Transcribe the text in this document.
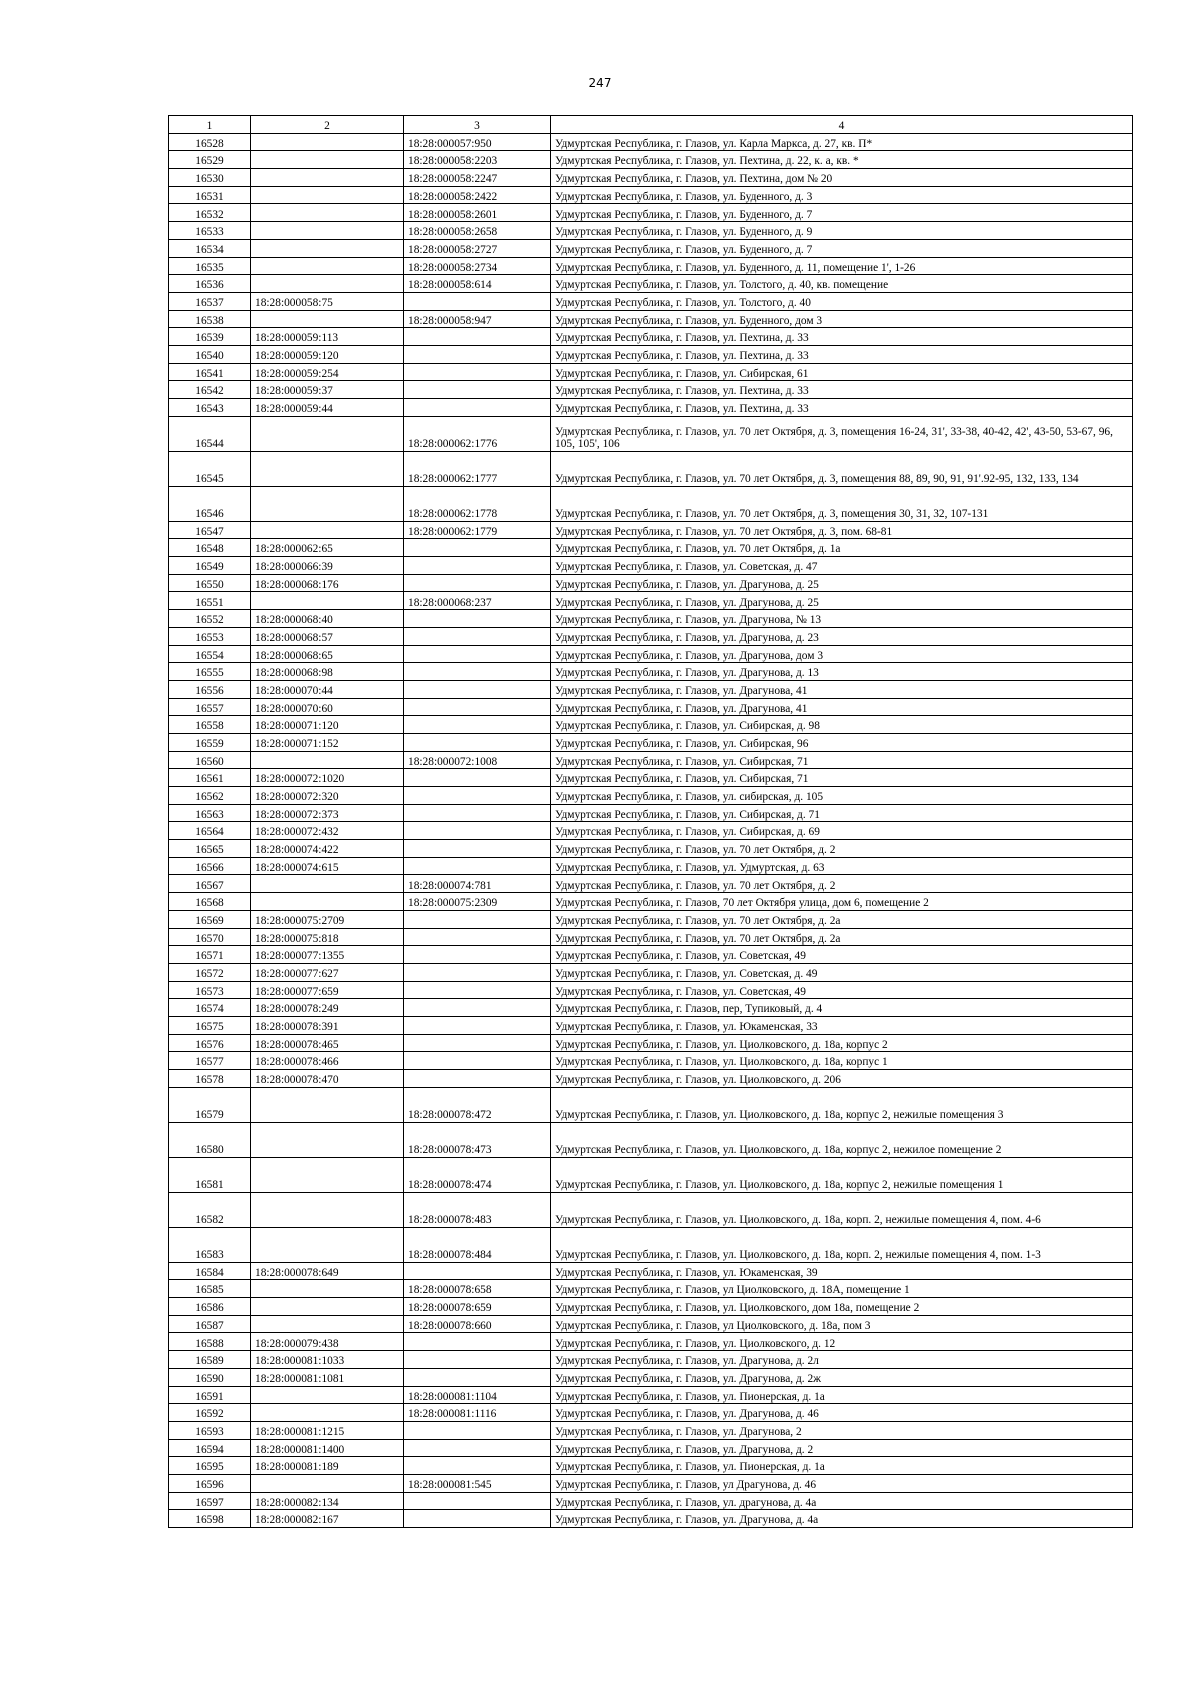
247
1	2	3	4
16528		18:28:000057:950	Удмуртская Республика, г. Глазов, ул. Карла Маркса, д. 27, кв. П*
16529		18:28:000058:2203	Удмуртская Республика, г. Глазов, ул. Пехтина, д. 22, к. а, кв. *
16530		18:28:000058:2247	Удмуртская Республика, г. Глазов, ул. Пехтина, дом № 20
16531		18:28:000058:2422	Удмуртская Республика, г. Глазов, ул. Буденного, д. 3
16532		18:28:000058:2601	Удмуртская Республика, г. Глазов, ул. Буденного, д. 7
16533		18:28:000058:2658	Удмуртская Республика, г. Глазов, ул. Буденного, д. 9
16534		18:28:000058:2727	Удмуртская Республика, г. Глазов, ул. Буденного, д. 7
16535		18:28:000058:2734	Удмуртская Республика, г. Глазов, ул. Буденного, д. 11, помещение 1', 1-26
16536		18:28:000058:614	Удмуртская Республика, г. Глазов, ул. Толстого, д. 40, кв. помещение
16537	18:28:000058:75		Удмуртская Республика, г. Глазов, ул. Толстого, д. 40
16538		18:28:000058:947	Удмуртская Республика, г. Глазов, ул. Буденного, дом 3
16539	18:28:000059:113		Удмуртская Республика, г. Глазов, ул. Пехтина, д. 33
16540	18:28:000059:120		Удмуртская Республика, г. Глазов, ул. Пехтина, д. 33
16541	18:28:000059:254		Удмуртская Республика, г. Глазов, ул. Сибирская, 61
16542	18:28:000059:37		Удмуртская Республика, г. Глазов, ул. Пехтина, д. 33
16543	18:28:000059:44		Удмуртская Республика, г. Глазов, ул. Пехтина, д. 33
16544		18:28:000062:1776	Удмуртская Республика, г. Глазов, ул. 70 лет Октября, д. 3, помещения 16-24, 31', 33-38, 40-42, 42', 43-50, 53-67, 96, 105, 105', 106
16545		18:28:000062:1777	Удмуртская Республика, г. Глазов, ул. 70 лет Октября, д. 3, помещения 88, 89, 90, 91, 91'.92-95, 132, 133, 134
16546		18:28:000062:1778	Удмуртская Республика, г. Глазов, ул. 70 лет Октября, д. 3, помещения 30, 31, 32, 107-131
16547		18:28:000062:1779	Удмуртская Республика, г. Глазов, ул. 70 лет Октября, д. 3, пом. 68-81
16548	18:28:000062:65		Удмуртская Республика, г. Глазов, ул. 70 лет Октября, д. 1а
16549	18:28:000066:39		Удмуртская Республика, г. Глазов, ул. Советская, д. 47
16550	18:28:000068:176		Удмуртская Республика, г. Глазов, ул. Драгунова, д. 25
16551		18:28:000068:237	Удмуртская Республика, г. Глазов, ул. Драгунова, д. 25
16552	18:28:000068:40		Удмуртская Республика, г. Глазов, ул. Драгунова, № 13
16553	18:28:000068:57		Удмуртская Республика, г. Глазов, ул. Драгунова, д. 23
16554	18:28:000068:65		Удмуртская Республика, г. Глазов, ул. Драгунова, дом 3
16555	18:28:000068:98		Удмуртская Республика, г. Глазов, ул. Драгунова, д. 13
16556	18:28:000070:44		Удмуртская Республика, г. Глазов, ул. Драгунова, 41
16557	18:28:000070:60		Удмуртская Республика, г. Глазов, ул. Драгунова, 41
16558	18:28:000071:120		Удмуртская Республика, г. Глазов, ул. Сибирская, д. 98
16559	18:28:000071:152		Удмуртская Республика, г. Глазов, ул. Сибирская, 96
16560		18:28:000072:1008	Удмуртская Республика, г. Глазов, ул. Сибирская, 71
16561	18:28:000072:1020		Удмуртская Республика, г. Глазов, ул. Сибирская, 71
16562	18:28:000072:320		Удмуртская Республика, г. Глазов, ул. сибирская, д. 105
16563	18:28:000072:373		Удмуртская Республика, г. Глазов, ул. Сибирская, д. 71
16564	18:28:000072:432		Удмуртская Республика, г. Глазов, ул. Сибирская, д. 69
16565	18:28:000074:422		Удмуртская Республика, г. Глазов, ул. 70 лет Октября, д. 2
16566	18:28:000074:615		Удмуртская Республика, г. Глазов, ул. Удмуртская, д. 63
16567		18:28:000074:781	Удмуртская Республика, г. Глазов, ул. 70 лет Октября, д. 2
16568		18:28:000075:2309	Удмуртская Республика, г. Глазов, 70 лет Октября улица, дом 6, помещение 2
16569	18:28:000075:2709		Удмуртская Республика, г. Глазов, ул. 70 лет Октября, д. 2а
16570	18:28:000075:818		Удмуртская Республика, г. Глазов, ул. 70 лет Октября, д. 2а
16571	18:28:000077:1355		Удмуртская Республика, г. Глазов, ул. Советская, 49
16572	18:28:000077:627		Удмуртская Республика, г. Глазов, ул. Советская, д. 49
16573	18:28:000077:659		Удмуртская Республика, г. Глазов, ул. Советская, 49
16574	18:28:000078:249		Удмуртская Республика, г. Глазов, пер, Тупиковый, д. 4
16575	18:28:000078:391		Удмуртская Республика, г. Глазов, ул. Юкаменская, 33
16576	18:28:000078:465		Удмуртская Республика, г. Глазов, ул. Циолковского, д. 18а, корпус 2
16577	18:28:000078:466		Удмуртская Республика, г. Глазов, ул. Циолковского, д. 18а, корпус 1
16578	18:28:000078:470		Удмуртская Республика, г. Глазов, ул. Циолковского, д. 206
16579		18:28:000078:472	Удмуртская Республика, г. Глазов, ул. Циолковского, д. 18а, корпус 2, нежилые помещения 3
16580		18:28:000078:473	Удмуртская Республика, г. Глазов, ул. Циолковского, д. 18а, корпус 2, нежилое помещение 2
16581		18:28:000078:474	Удмуртская Республика, г. Глазов, ул. Циолковского, д. 18а, корпус 2, нежилые помещения 1
16582		18:28:000078:483	Удмуртская Республика, г. Глазов, ул. Циолковского, д. 18а, корп. 2, нежилые помещения 4, пом. 4-6
16583		18:28:000078:484	Удмуртская Республика, г. Глазов, ул. Циолковского, д. 18а, корп. 2, нежилые помещения 4, пом. 1-3
16584	18:28:000078:649		Удмуртская Республика, г. Глазов, ул. Юкаменская, 39
16585		18:28:000078:658	Удмуртская Республика, г. Глазов, ул Циолковского, д. 18А, помещение 1
16586		18:28:000078:659	Удмуртская Республика, г. Глазов, ул. Циолковского, дом 18а, помещение 2
16587		18:28:000078:660	Удмуртская Республика, г. Глазов, ул Циолковского, д. 18а, пом 3
16588	18:28:000079:438		Удмуртская Республика, г. Глазов, ул. Циолковского, д. 12
16589	18:28:000081:1033		Удмуртская Республика, г. Глазов, ул. Драгунова, д. 2л
16590	18:28:000081:1081		Удмуртская Республика, г. Глазов, ул. Драгунова, д. 2ж
16591		18:28:000081:1104	Удмуртская Республика, г. Глазов, ул. Пионерская, д. 1а
16592		18:28:000081:1116	Удмуртская Республика, г. Глазов, ул. Драгунова, д. 46
16593	18:28:000081:1215		Удмуртская Республика, г. Глазов, ул. Драгунова, 2
16594	18:28:000081:1400		Удмуртская Республика, г. Глазов, ул. Драгунова, д. 2
16595	18:28:000081:189		Удмуртская Республика, г. Глазов, ул. Пионерская, д. 1а
16596		18:28:000081:545	Удмуртская Республика, г. Глазов, ул Драгунова, д. 46
16597	18:28:000082:134		Удмуртская Республика, г. Глазов, ул. драгунова, д. 4а
16598	18:28:000082:167		Удмуртская Республика, г. Глазов, ул. Драгунова, д. 4а
